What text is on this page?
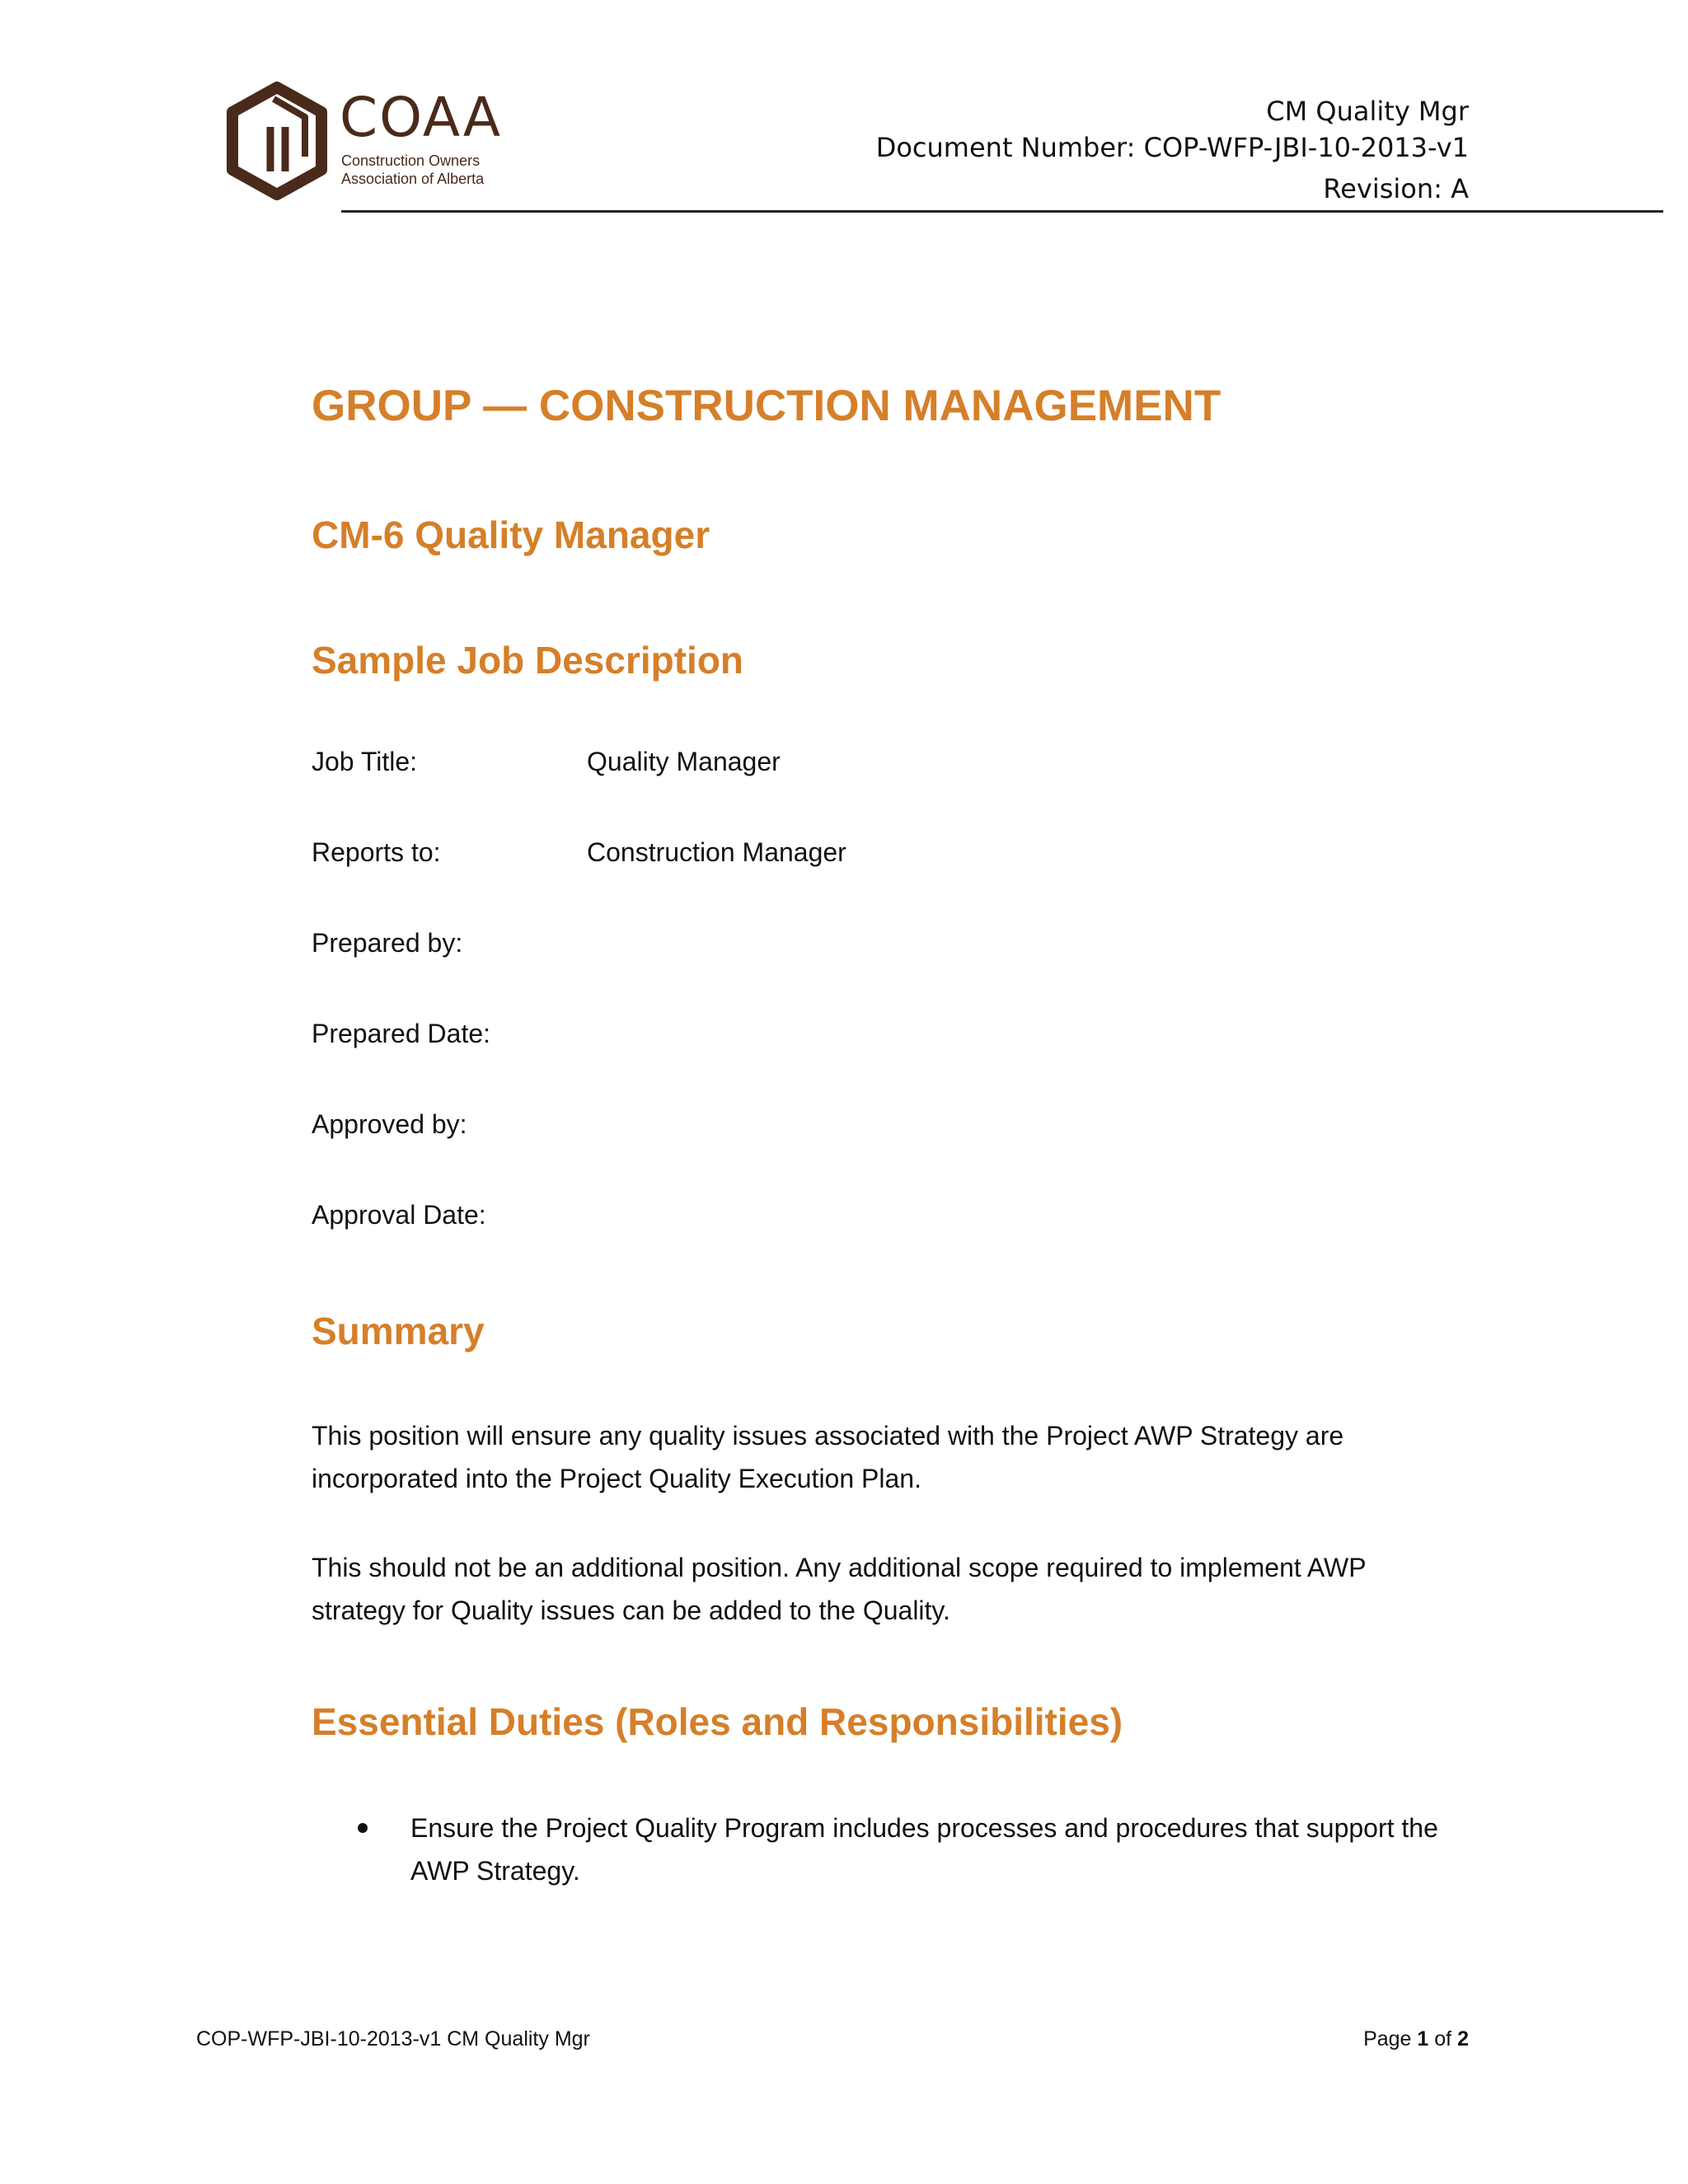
COAA
Construction Owners
Association of Alberta
CM Quality Mgr
Document Number: COP-WFP-JBI-10-2013-v1
Revision: A
GROUP — CONSTRUCTION MANAGEMENT
CM-6 Quality Manager
Sample Job Description
Job Title:	Quality Manager
Reports to:	Construction Manager
Prepared by:
Prepared Date:
Approved by:
Approval Date:
Summary
This position will ensure any quality issues associated with the Project AWP Strategy are incorporated into the Project Quality Execution Plan.
This should not be an additional position. Any additional scope required to implement AWP strategy for Quality issues can be added to the Quality.
Essential Duties (Roles and Responsibilities)
Ensure the Project Quality Program includes processes and procedures that support the AWP Strategy.
COP-WFP-JBI-10-2013-v1 CM Quality Mgr	Page 1 of 2
